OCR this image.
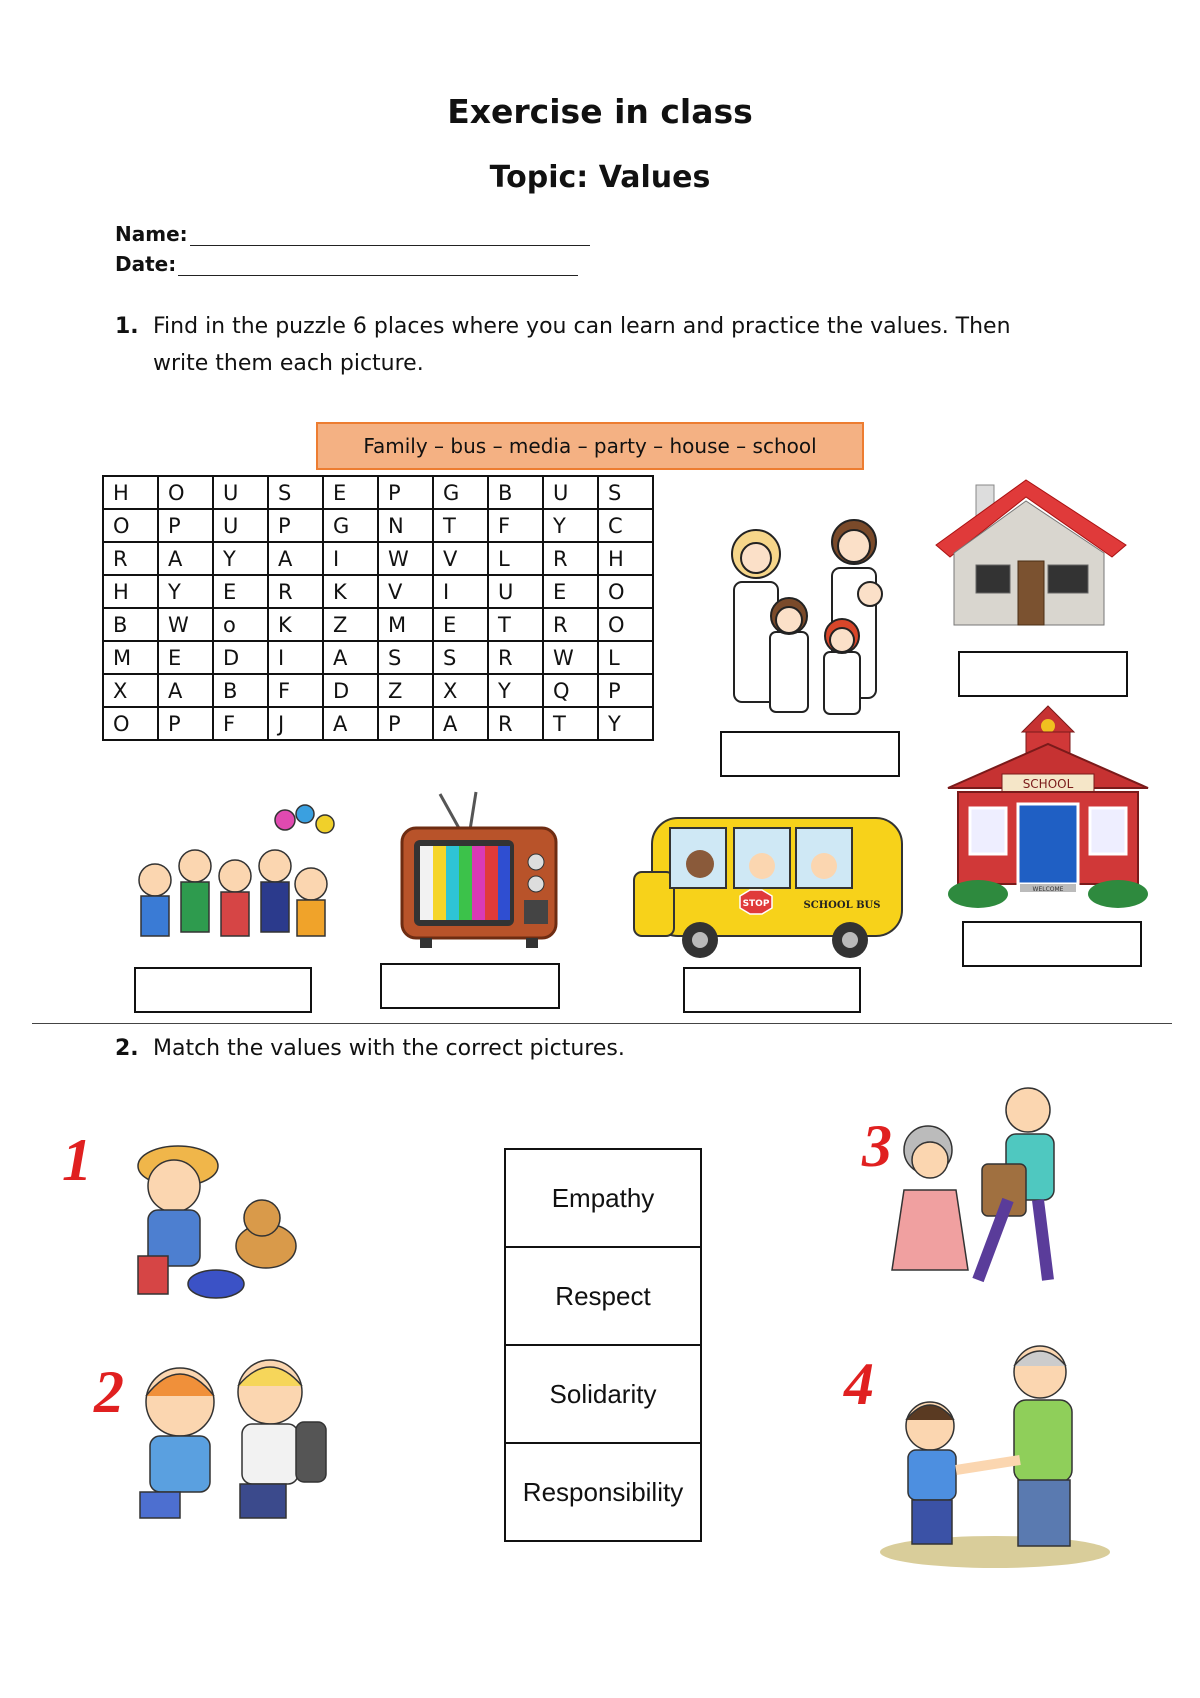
Exercise in class
Topic: Values
Name:
Date:
1. Find in the puzzle 6 places where you can learn and practice the values. Then
write them each picture.
Family – bus – media – party – house – school
H	O	U	S	E	P	G	B	U	S
O	P	U	P	G	N	T	F	Y	C
R	A	Y	A	I	W	V	L	R	H
H	Y	E	R	K	V	I	U	E	O
B	W	o	K	Z	M	E	T	R	O
M	E	D	I	A	S	S	R	W	L
X	A	B	F	D	Z	X	Y	Q	P
O	P	F	J	A	P	A	R	T	Y
STOP	SCHOOL BUS
SCHOOL
WELCOME
2. Match the values with the correct pictures.
Empathy
Respect
Solidarity
Responsibility
1
2
3
4
